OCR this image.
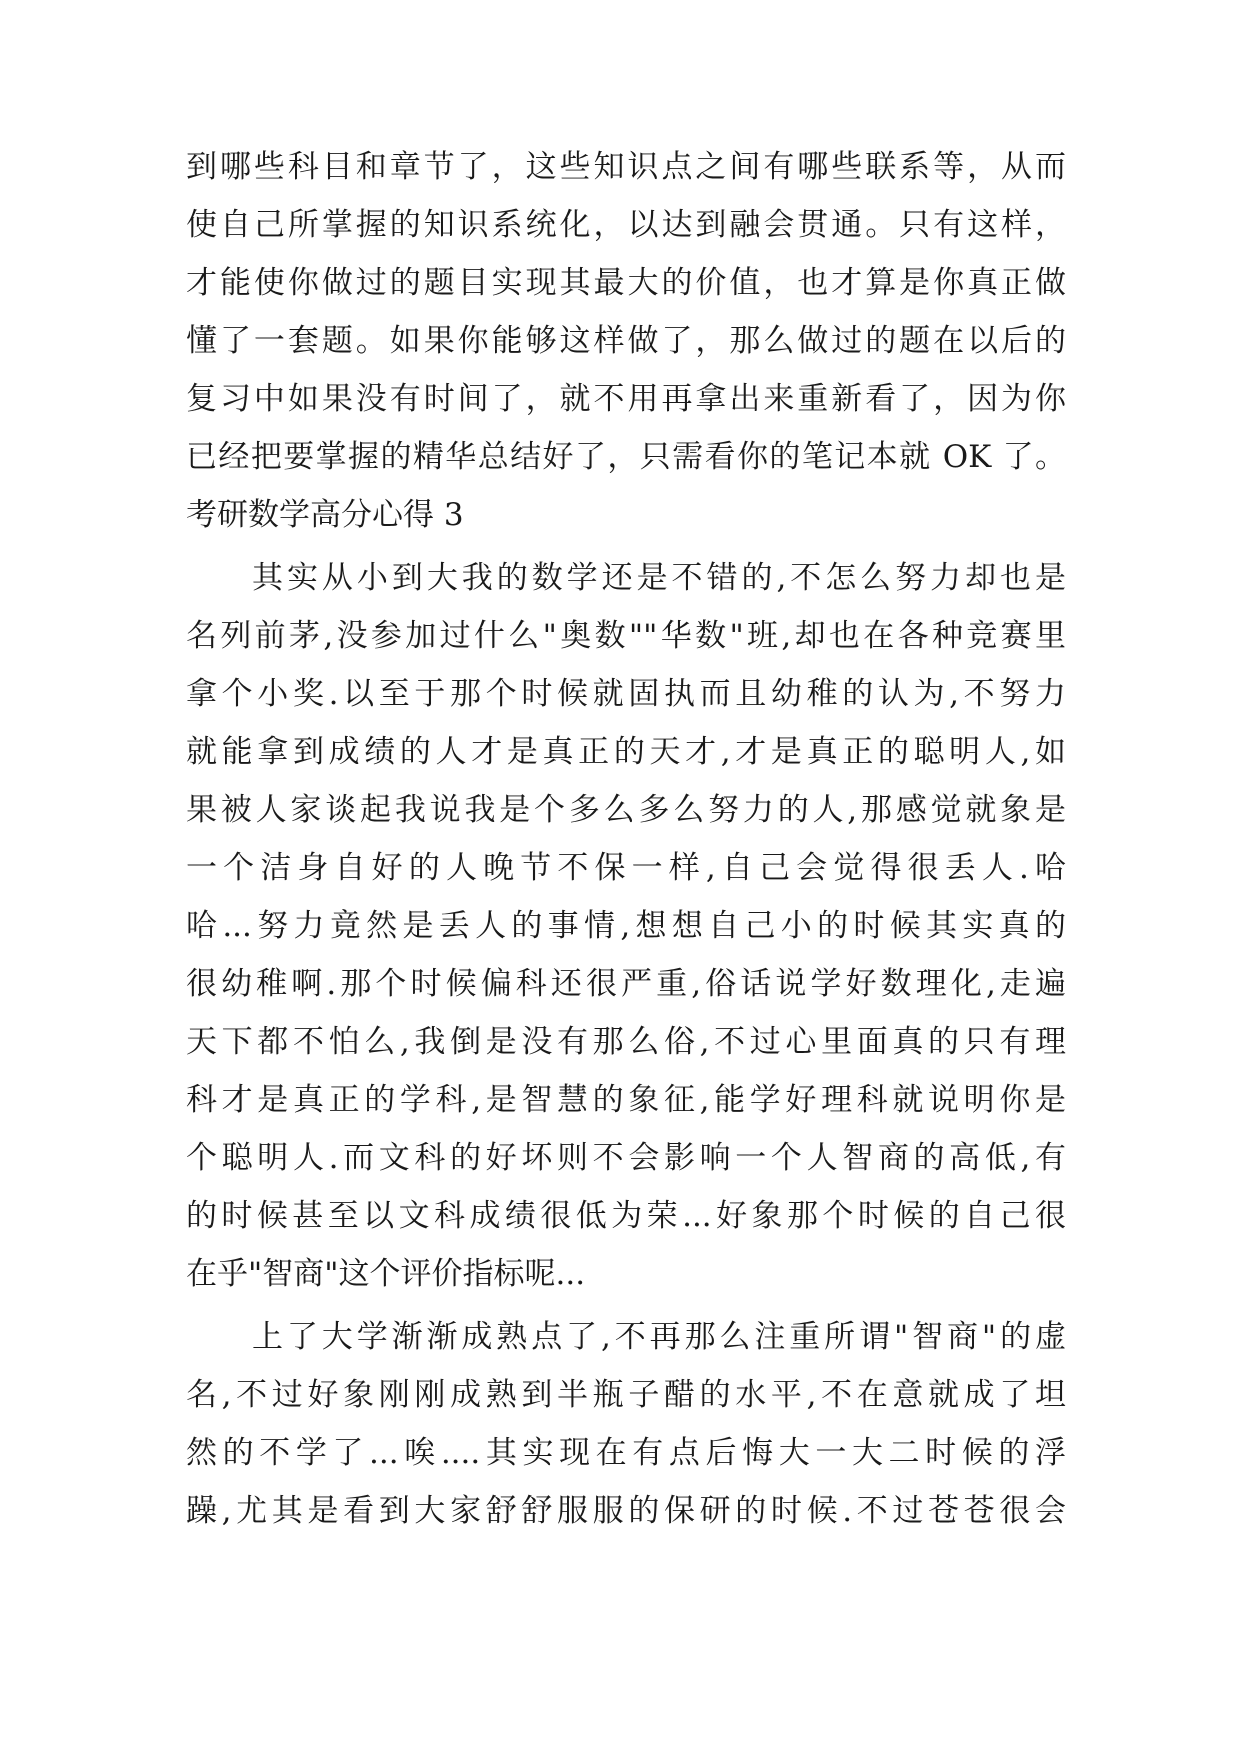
到哪些科目和章节了，这些知识点之间有哪些联系等，从而
使自己所掌握的知识系统化，以达到融会贯通。只有这样，
才能使你做过的题目实现其最大的价值，也才算是你真正做
懂了一套题。如果你能够这样做了，那么做过的题在以后的
复习中如果没有时间了，就不用再拿出来重新看了，因为你
已经把要掌握的精华总结好了，只需看你的笔记本就 OK 了。
考研数学高分心得 3
其实从小到大我的数学还是不错的,不怎么努力却也是
名列前茅,没参加过什么"奥数""华数"班,却也在各种竞赛里
拿个小奖.以至于那个时候就固执而且幼稚的认为,不努力
就能拿到成绩的人才是真正的天才,才是真正的聪明人,如
果被人家谈起我说我是个多么多么努力的人,那感觉就象是
一个洁身自好的人晚节不保一样,自己会觉得很丢人.哈
哈...努力竟然是丢人的事情,想想自己小的时候其实真的
很幼稚啊.那个时候偏科还很严重,俗话说学好数理化,走遍
天下都不怕么,我倒是没有那么俗,不过心里面真的只有理
科才是真正的学科,是智慧的象征,能学好理科就说明你是
个聪明人.而文科的好坏则不会影响一个人智商的高低,有
的时候甚至以文科成绩很低为荣...好象那个时候的自己很
在乎"智商"这个评价指标呢...
上了大学渐渐成熟点了,不再那么注重所谓"智商"的虚
名,不过好象刚刚成熟到半瓶子醋的水平,不在意就成了坦
然的不学了...唉....其实现在有点后悔大一大二时候的浮
躁,尤其是看到大家舒舒服服的保研的时候.不过苍苍很会
